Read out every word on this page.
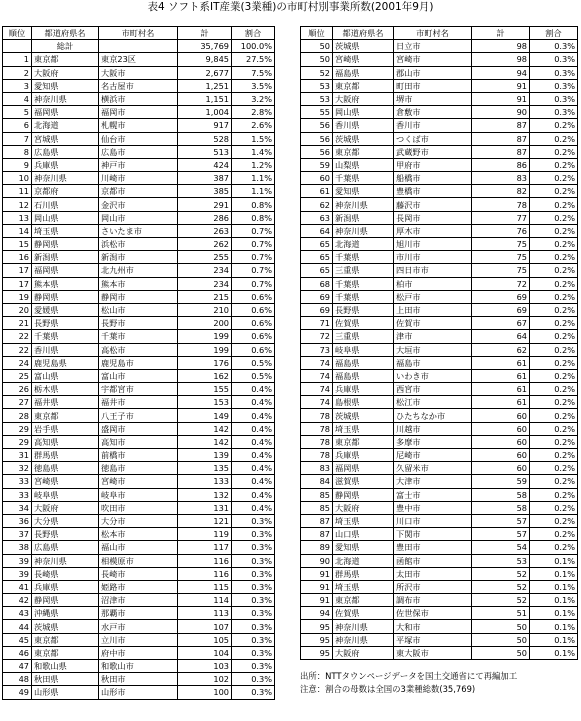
表4 ソフト系IT産業(3業種)の市町村別事業所数(2001年9月)
順位	都道府県名	市町村名	計	割合
	総計		35,769	100.0%
1	東京都	東京23区	9,845	27.5%
2	大阪府	大阪市	2,677	7.5%
3	愛知県	名古屋市	1,251	3.5%
4	神奈川県	横浜市	1,151	3.2%
5	福岡県	福岡市	1,004	2.8%
6	北海道	札幌市	917	2.6%
7	宮城県	仙台市	528	1.5%
8	広島県	広島市	513	1.4%
9	兵庫県	神戸市	424	1.2%
10	神奈川県	川崎市	387	1.1%
11	京都府	京都市	385	1.1%
12	石川県	金沢市	291	0.8%
13	岡山県	岡山市	286	0.8%
14	埼玉県	さいたま市	263	0.7%
15	静岡県	浜松市	262	0.7%
16	新潟県	新潟市	255	0.7%
17	福岡県	北九州市	234	0.7%
17	熊本県	熊本市	234	0.7%
19	静岡県	静岡市	215	0.6%
20	愛媛県	松山市	210	0.6%
21	長野県	長野市	200	0.6%
22	千葉県	千葉市	199	0.6%
22	香川県	高松市	199	0.6%
24	鹿児島県	鹿児島市	176	0.5%
25	富山県	富山市	162	0.5%
26	栃木県	宇都宮市	155	0.4%
27	福井県	福井市	153	0.4%
28	東京都	八王子市	149	0.4%
29	岩手県	盛岡市	142	0.4%
29	高知県	高知市	142	0.4%
31	群馬県	前橋市	139	0.4%
32	徳島県	徳島市	135	0.4%
33	宮崎県	宮崎市	133	0.4%
33	岐阜県	岐阜市	132	0.4%
34	大阪府	吹田市	131	0.4%
36	大分県	大分市	121	0.3%
37	長野県	松本市	119	0.3%
38	広島県	福山市	117	0.3%
39	神奈川県	相模原市	116	0.3%
39	長崎県	長崎市	116	0.3%
41	兵庫県	姫路市	115	0.3%
42	静岡県	沼津市	114	0.3%
43	沖縄県	那覇市	113	0.3%
44	茨城県	水戸市	107	0.3%
45	東京都	立川市	105	0.3%
46	東京都	府中市	104	0.3%
47	和歌山県	和歌山市	103	0.3%
48	秋田県	秋田市	102	0.3%
49	山形県	山形市	100	0.3%
順位	都道府県名	市町村名	計	割合
50	茨城県	日立市	98	0.3%
50	宮崎県	宮崎市	98	0.3%
52	福島県	郡山市	94	0.3%
53	東京都	町田市	91	0.3%
53	大阪府	堺市	91	0.3%
55	岡山県	倉敷市	90	0.3%
56	香川県	香川市	87	0.2%
56	茨城県	つくば市	87	0.2%
56	東京都	武蔵野市	87	0.2%
59	山梨県	甲府市	86	0.2%
60	千葉県	船橋市	83	0.2%
61	愛知県	豊橋市	82	0.2%
62	神奈川県	藤沢市	78	0.2%
63	新潟県	長岡市	77	0.2%
64	神奈川県	厚木市	76	0.2%
65	北海道	旭川市	75	0.2%
65	千葉県	市川市	75	0.2%
65	三重県	四日市市	75	0.2%
68	千葉県	柏市	72	0.2%
69	千葉県	松戸市	69	0.2%
69	長野県	上田市	69	0.2%
71	佐賀県	佐賀市	67	0.2%
72	三重県	津市	64	0.2%
73	岐阜県	大垣市	62	0.2%
74	福島県	福島市	61	0.2%
74	福島県	いわき市	61	0.2%
74	兵庫県	西宮市	61	0.2%
74	島根県	松江市	61	0.2%
78	茨城県	ひたちなか市	60	0.2%
78	埼玉県	川越市	60	0.2%
78	東京都	多摩市	60	0.2%
78	兵庫県	尼崎市	60	0.2%
83	福岡県	久留米市	60	0.2%
84	滋賀県	大津市	59	0.2%
85	静岡県	富士市	58	0.2%
85	大阪府	豊中市	58	0.2%
87	埼玉県	川口市	57	0.2%
87	山口県	下関市	57	0.2%
89	愛知県	豊田市	54	0.2%
90	北海道	函館市	53	0.1%
91	群馬県	太田市	52	0.1%
91	埼玉県	所沢市	52	0.1%
91	東京都	調布市	52	0.1%
94	佐賀県	佐世保市	51	0.1%
95	神奈川県	大和市	50	0.1%
95	神奈川県	平塚市	50	0.1%
95	大阪府	東大阪市	50	0.1%
出所：NTTタウンページデータを国土交通省にて再編加工
注意：割合の母数は全国の3業種総数(35,769)
